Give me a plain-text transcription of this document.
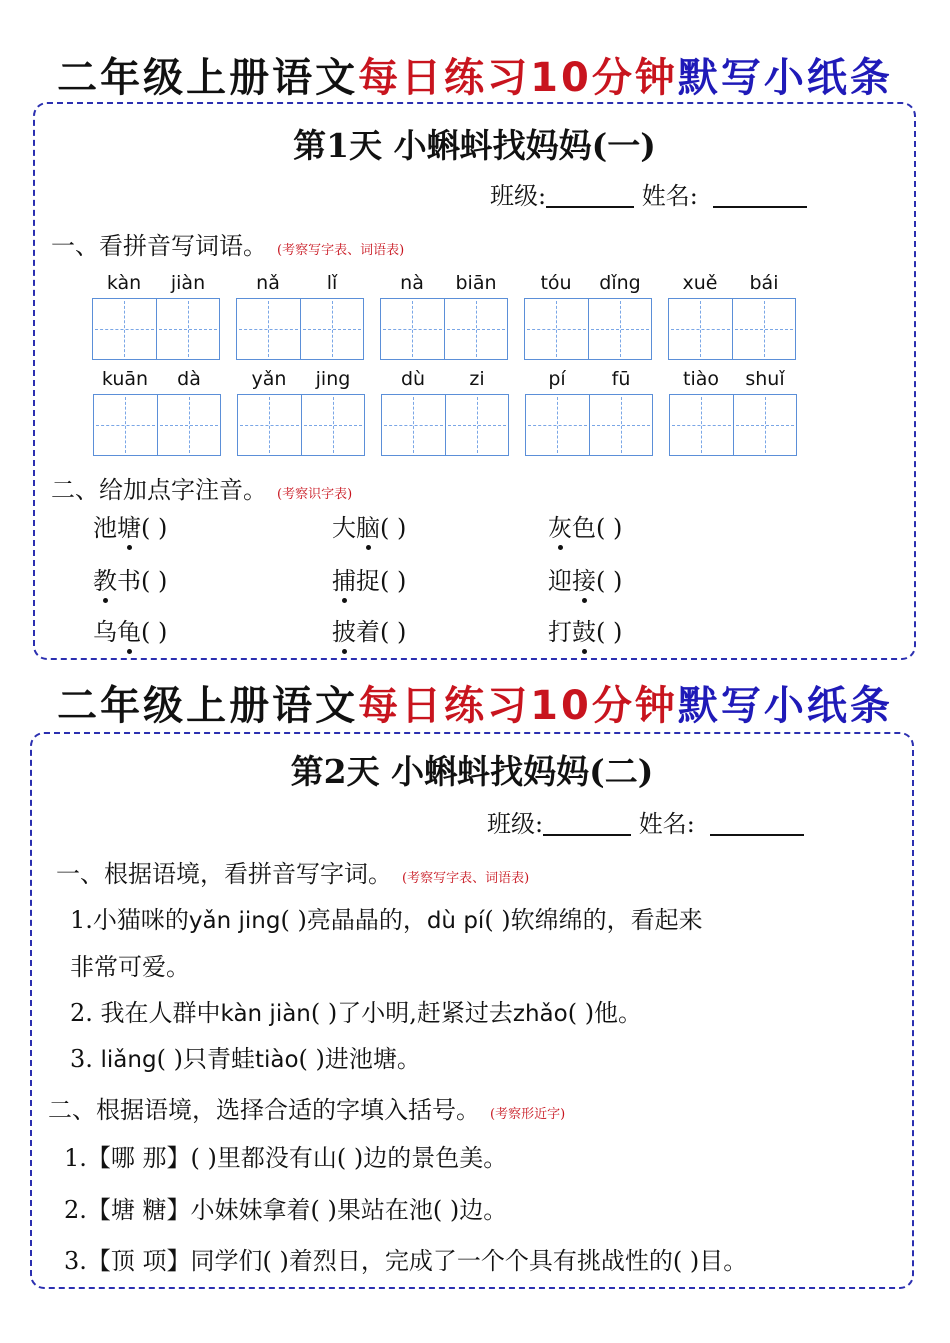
二年级上册语文每日练习10分钟默写小纸条
第1天 小蝌蚪找妈妈(一)
班级:	姓名:
一、看拼音写词语。 (考察写字表、词语表)
kàn	jiàn	nǎ	lǐ	nà	biān	tóu	dǐng	xuě	bái
kuān	dà	yǎn	jing	dù	zi	pí	fū	tiào	shuǐ
二、给加点字注音。 (考察识字表)
池塘( )	大脑( )	灰色( )
教书( )	捕捉( )	迎接( )
乌龟( )	披着( )	打鼓( )
二年级上册语文每日练习10分钟默写小纸条
第2天 小蝌蚪找妈妈(二)
班级:	姓名:
一、根据语境，看拼音写字词。 (考察写字表、词语表)
1.小猫咪的yǎn jing( )亮晶晶的，dù pí( )软绵绵的，看起来
非常可爱。
2. 我在人群中kàn jiàn( )了小明,赶紧过去zhǎo( )他。
3. liǎng( )只青蛙tiào( )进池塘。
二、根据语境，选择合适的字填入括号。 (考察形近字)
1.【哪 那】( )里都没有山( )边的景色美。
2.【塘 糖】小妹妹拿着( )果站在池( )边。
3.【顶 项】同学们( )着烈日，完成了一个个具有挑战性的( )目。
